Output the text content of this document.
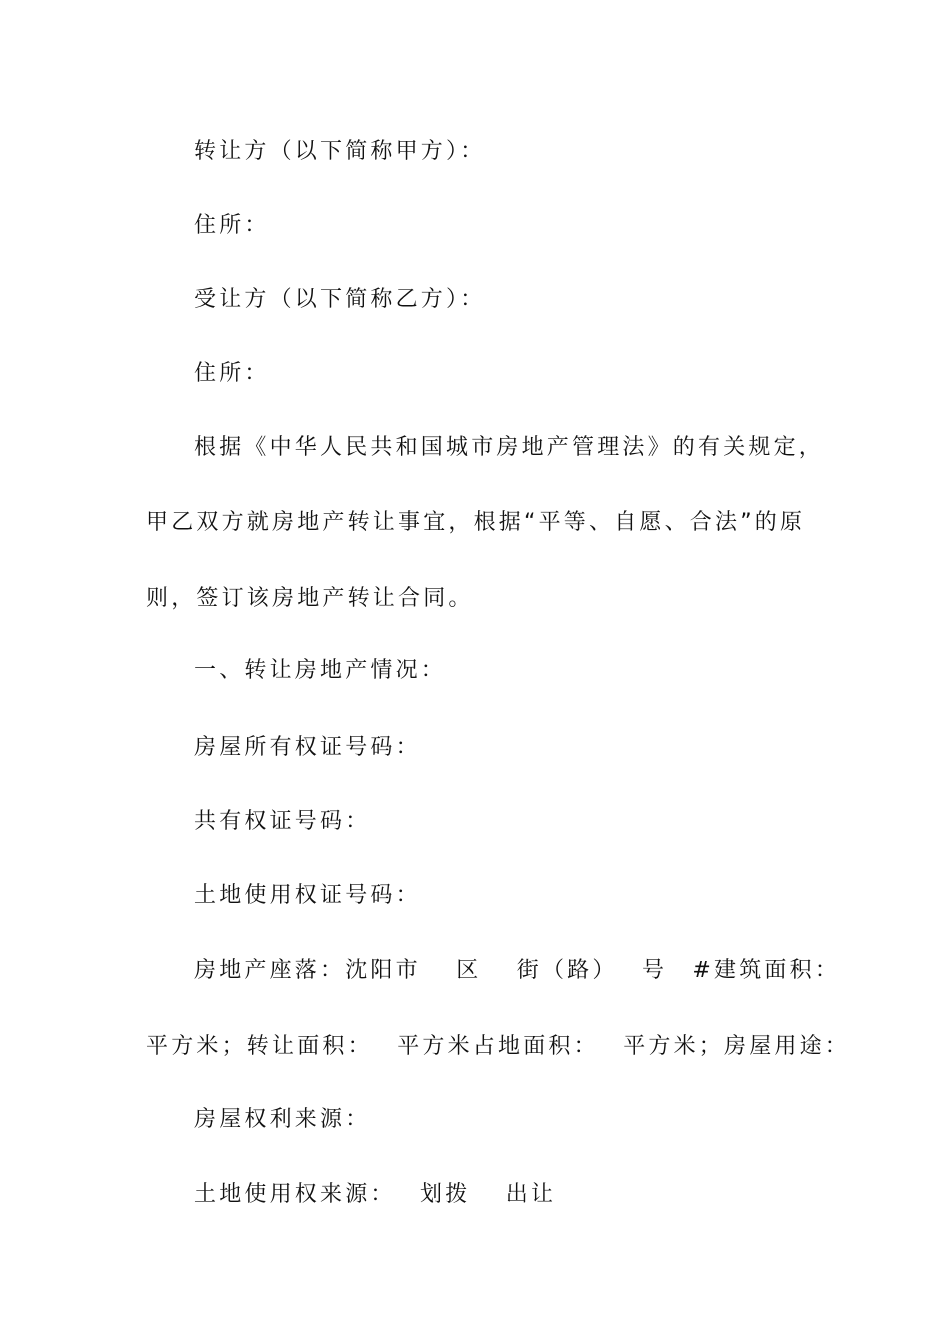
转让方（以下简称甲方）：
住所：
受让方（以下简称乙方）：
住所：
根据《中华人民共和国城市房地产管理法》的有关规定，
甲乙双方就房地产转让事宜，根据“平等、自愿、合法”的原
则，签订该房地产转让合同。
一、转让房地产情况：
房屋所有权证号码：
共有权证号码：
土地使用权证号码：
房地产座落：沈阳市　 区　 街（路）　 号　#建筑面积：
平方米；转让面积：　 平方米占地面积：　 平方米；房屋用途：
房屋权利来源：
土地使用权来源：　 划拨　 出让
